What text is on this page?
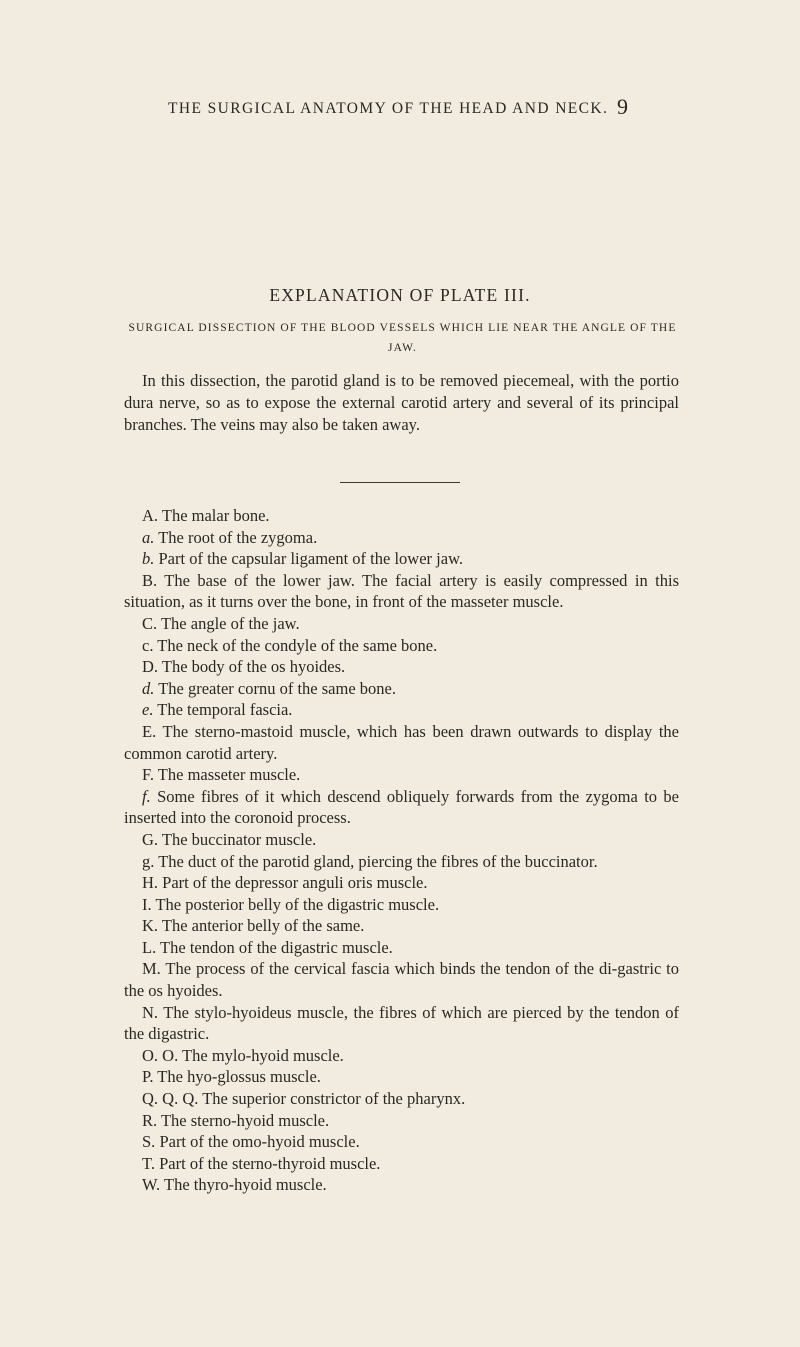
THE SURGICAL ANATOMY OF THE HEAD AND NECK. 9
EXPLANATION OF PLATE III.
SURGICAL DISSECTION OF THE BLOOD VESSELS WHICH LIE NEAR THE ANGLE OF THE JAW.

In this dissection, the parotid gland is to be removed piecemeal, with the portio dura nerve, so as to expose the external carotid artery and several of its principal branches. The veins may also be taken away.

A. The malar bone.
a. The root of the zygoma.
b. Part of the capsular ligament of the lower jaw.
B. The base of the lower jaw. The facial artery is easily compressed in this situation, as it turns over the bone, in front of the masseter muscle.
C. The angle of the jaw.
c. The neck of the condyle of the same bone.
D. The body of the os hyoides.
d. The greater cornu of the same bone.
e. The temporal fascia.
E. The sterno-mastoid muscle, which has been drawn outwards to display the common carotid artery.
F. The masseter muscle.
f. Some fibres of it which descend obliquely forwards from the zygoma to be inserted into the coronoid process.
G. The buccinator muscle.
g. The duct of the parotid gland, piercing the fibres of the buccinator.
H. Part of the depressor anguli oris muscle.
I. The posterior belly of the digastric muscle.
K. The anterior belly of the same.
L. The tendon of the digastric muscle.
M. The process of the cervical fascia which binds the tendon of the di-gastric to the os hyoides.
N. The stylo-hyoideus muscle, the fibres of which are pierced by the tendon of the digastric.
O. O. The mylo-hyoid muscle.
P. The hyo-glossus muscle.
Q. Q. Q. The superior constrictor of the pharynx.
R. The sterno-hyoid muscle.
S. Part of the omo-hyoid muscle.
T. Part of the sterno-thyroid muscle.
W. The thyro-hyoid muscle.
